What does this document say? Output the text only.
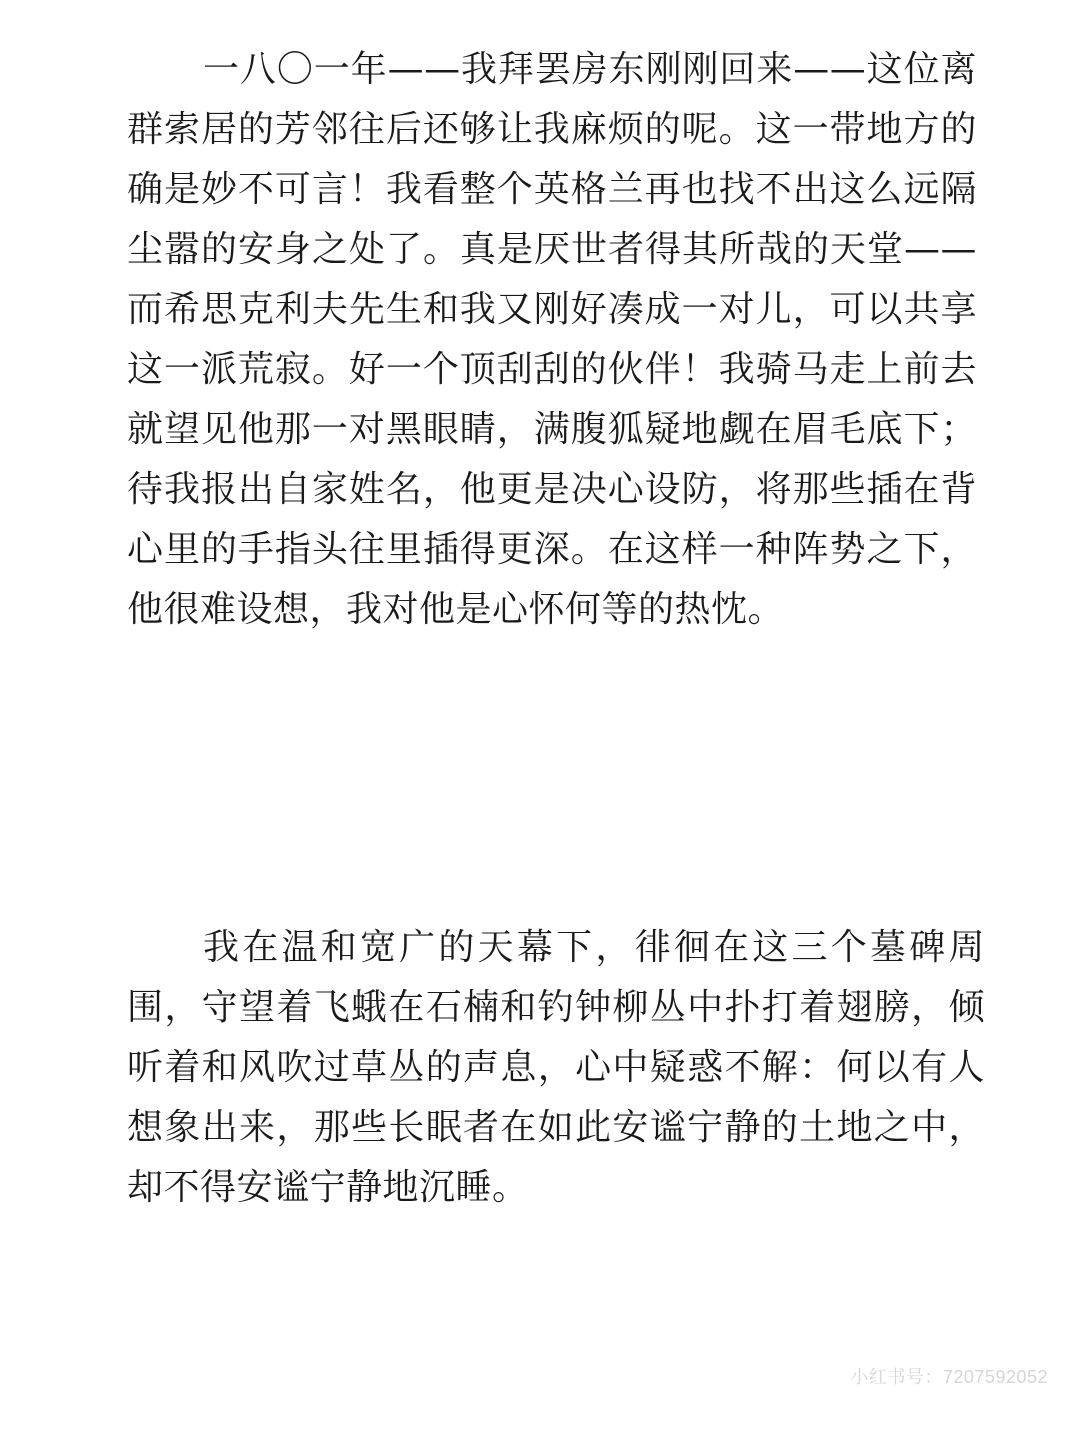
一八〇一年——我拜罢房东刚刚回来——这位离群索居的芳邻往后还够让我麻烦的呢。这一带地方的确是妙不可言！我看整个英格兰再也找不出这么远隔尘嚣的安身之处了。真是厌世者得其所哉的天堂——而希思克利夫先生和我又刚好凑成一对儿，可以共享这一派荒寂。好一个顶刮刮的伙伴！我骑马走上前去就望见他那一对黑眼睛，满腹狐疑地觑在眉毛底下；待我报出自家姓名，他更是决心设防，将那些插在背心里的手指头往里插得更深。在这样一种阵势之下，他很难设想，我对他是心怀何等的热忱。

我在温和宽广的天幕下，徘徊在这三个墓碑周围，守望着飞蛾在石楠和钓钟柳丛中扑打着翅膀，倾听着和风吹过草丛的声息，心中疑惑不解：何以有人想象出来，那些长眠者在如此安谧宁静的土地之中，却不得安谧宁静地沉睡。

小红书号：7207592052
